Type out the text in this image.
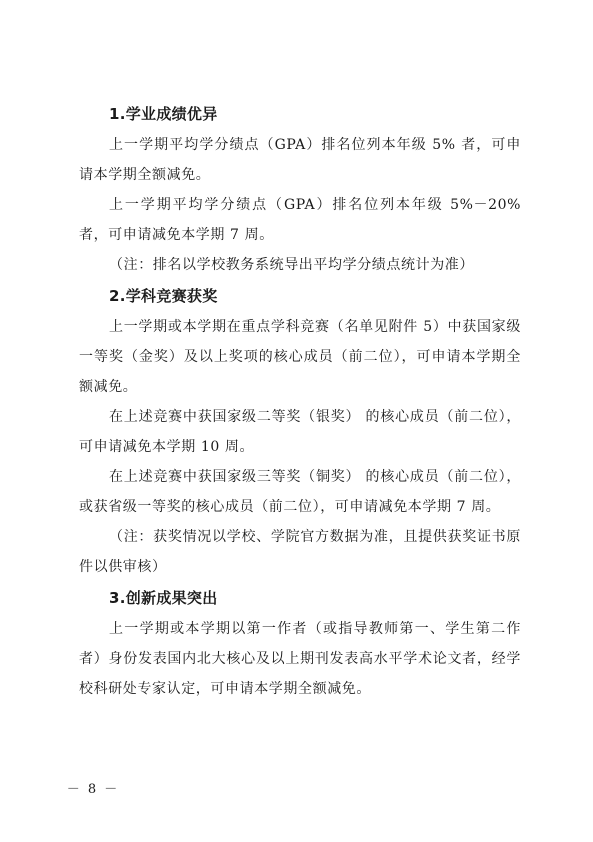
1.学业成绩优异

上一学期平均学分绩点（GPA）排名位列本年级 5% 者，可申请本学期全额减免。

上一学期平均学分绩点（GPA）排名位列本年级 5%－20% 者，可申请减免本学期 7 周。

（注：排名以学校教务系统导出平均学分绩点统计为准）

2.学科竞赛获奖

上一学期或本学期在重点学科竞赛（名单见附件 5）中获国家级一等奖（金奖）及以上奖项的核心成员（前二位），可申请本学期全额减免。

在上述竞赛中获国家级二等奖（银奖） 的核心成员（前二位），可申请减免本学期 10 周。

在上述竞赛中获国家级三等奖（铜奖） 的核心成员（前二位），或获省级一等奖的核心成员（前二位），可申请减免本学期 7 周。

（注：获奖情况以学校、学院官方数据为准，且提供获奖证书原件以供审核）

3.创新成果突出

上一学期或本学期以第一作者（或指导教师第一、学生第二作者）身份发表国内北大核心及以上期刊发表高水平学术论文者，经学校科研处专家认定，可申请本学期全额减免。

－ 8 －
